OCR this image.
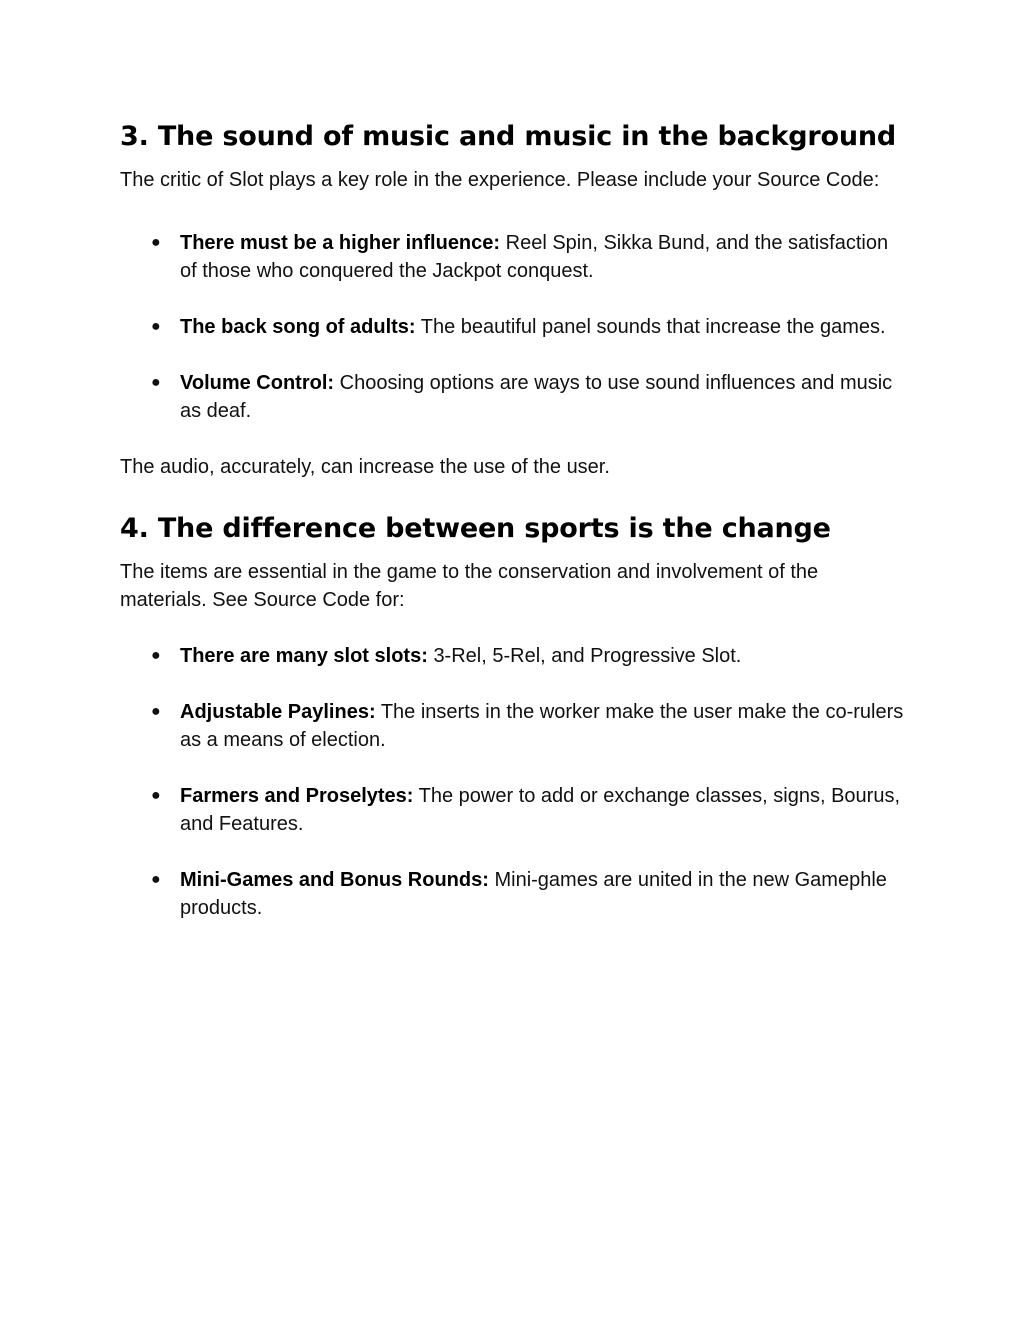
3. The sound of music and music in the background

The critic of Slot plays a key role in the experience. Please include your Source Code:

● There must be a higher influence: Reel Spin, Sikka Bund, and the satisfaction of those who conquered the Jackpot conquest.
● The back song of adults: The beautiful panel sounds that increase the games.
● Volume Control: Choosing options are ways to use sound influences and music as deaf.

The audio, accurately, can increase the use of the user.

4. The difference between sports is the change

The items are essential in the game to the conservation and involvement of the materials. See Source Code for:

● There are many slot slots: 3-Rel, 5-Rel, and Progressive Slot.
● Adjustable Paylines: The inserts in the worker make the user make the co-rulers as a means of election.
● Farmers and Proselytes: The power to add or exchange classes, signs, Bourus, and Features.
● Mini-Games and Bonus Rounds: Mini-games are united in the new Gamephle products.
